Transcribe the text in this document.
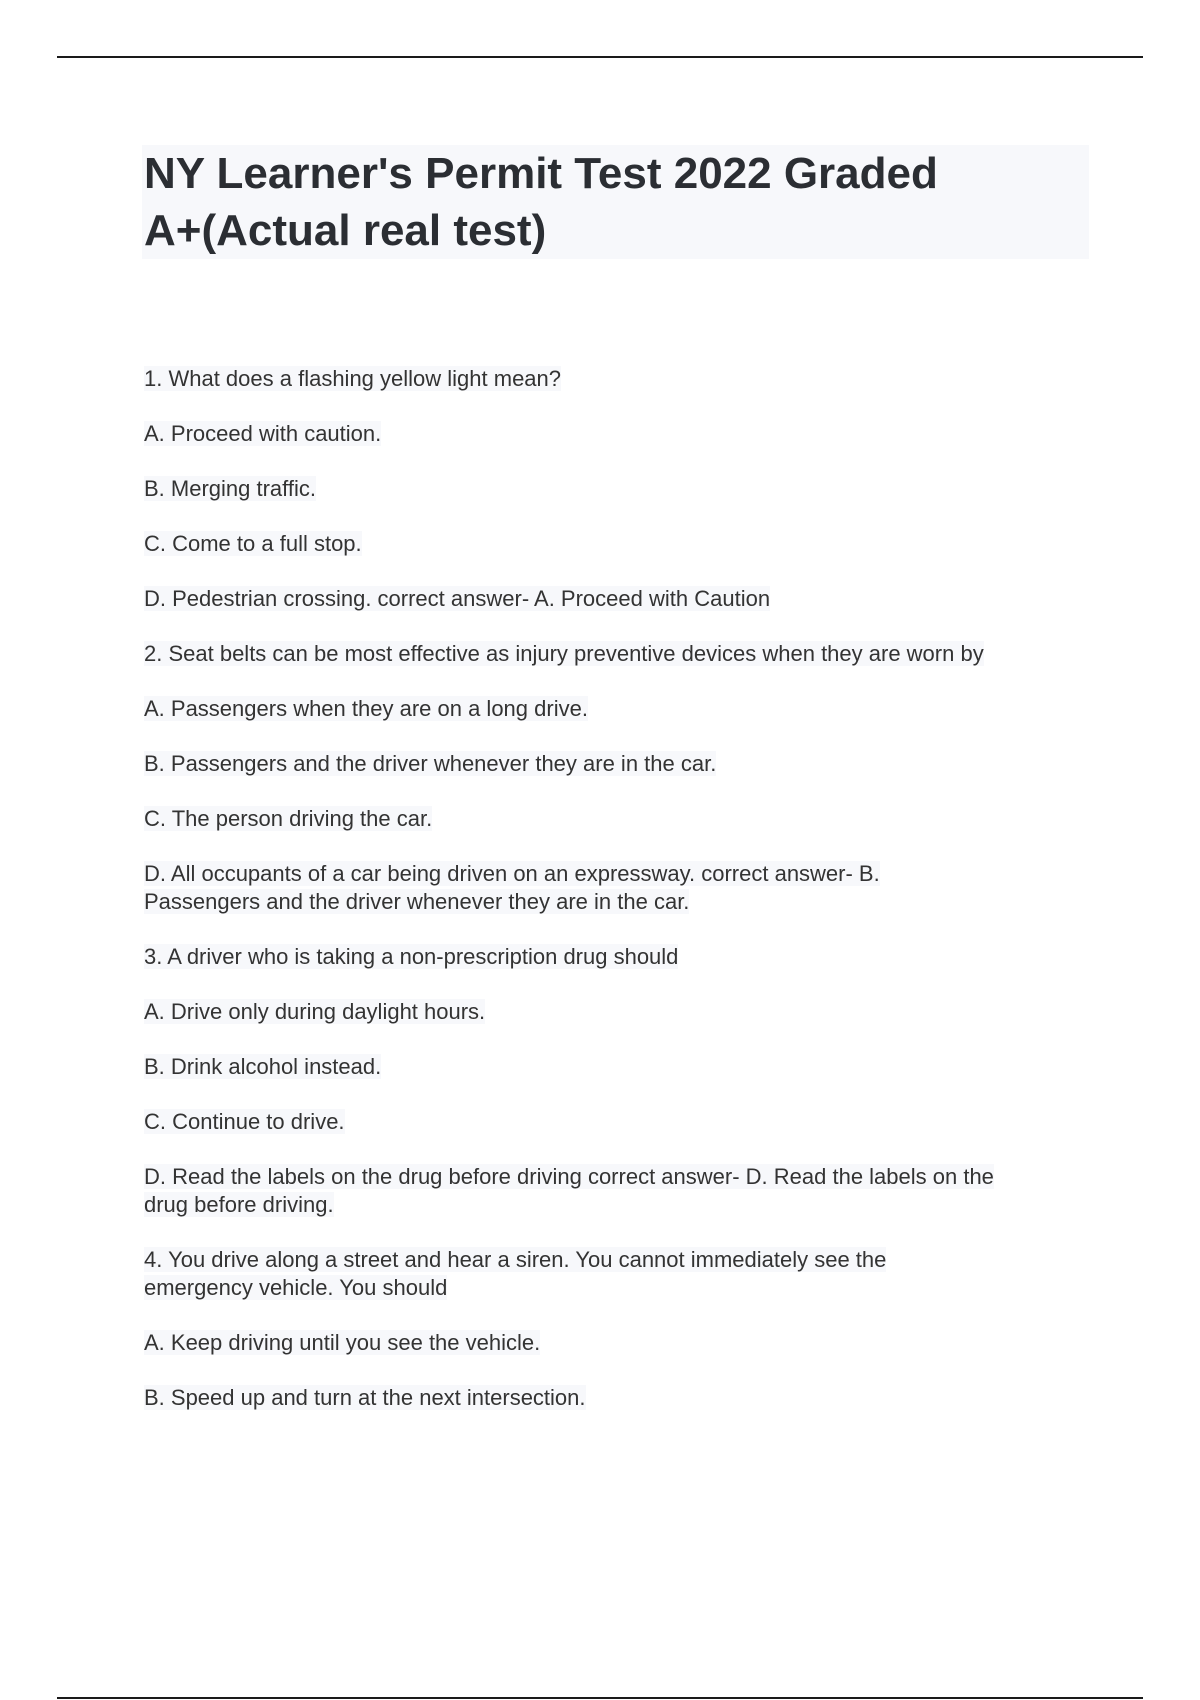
NY Learner's Permit Test 2022 Graded
A+(Actual real test)

1. What does a flashing yellow light mean?

A. Proceed with caution.

B. Merging traffic.

C. Come to a full stop.

D. Pedestrian crossing. correct answer- A. Proceed with Caution

2. Seat belts can be most effective as injury preventive devices when they are worn by

A. Passengers when they are on a long drive.

B. Passengers and the driver whenever they are in the car.

C. The person driving the car.

D. All occupants of a car being driven on an expressway. correct answer- B.
Passengers and the driver whenever they are in the car.

3. A driver who is taking a non-prescription drug should

A. Drive only during daylight hours.

B. Drink alcohol instead.

C. Continue to drive.

D. Read the labels on the drug before driving correct answer- D. Read the labels on the
drug before driving.

4. You drive along a street and hear a siren. You cannot immediately see the
emergency vehicle. You should

A. Keep driving until you see the vehicle.

B. Speed up and turn at the next intersection.
